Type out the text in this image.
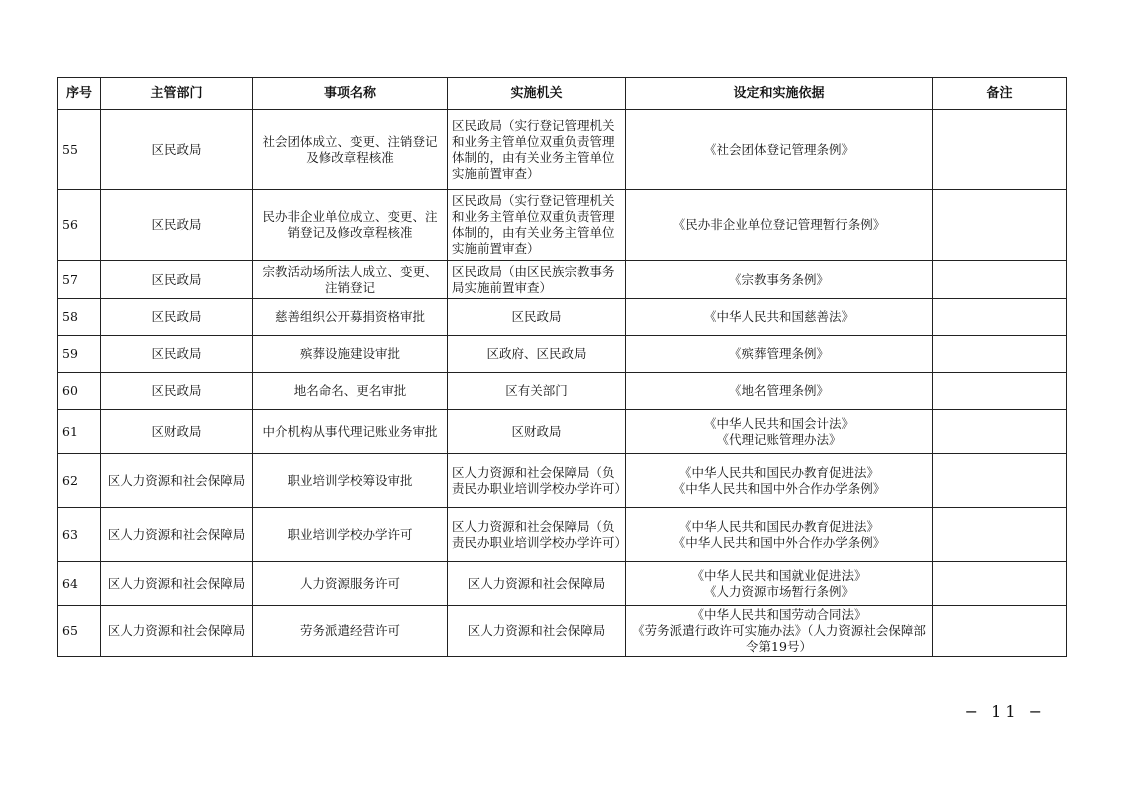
序号	主管部门	事项名称	实施机关	设定和实施依据	备注
55	区民政局	社会团体成立、变更、注销登记及修改章程核准	区民政局（实行登记管理机关和业务主管单位双重负责管理体制的，由有关业务主管单位实施前置审查）	《社会团体登记管理条例》	

56	区民政局	民办非企业单位成立、变更、注销登记及修改章程核准	区民政局（实行登记管理机关和业务主管单位双重负责管理体制的，由有关业务主管单位实施前置审查）	《民办非企业单位登记管理暂行条例》	

57	区民政局	宗教活动场所法人成立、变更、注销登记	区民政局（由区民族宗教事务局实施前置审查）	《宗教事务条例》	

58	区民政局	慈善组织公开募捐资格审批	区民政局	《中华人民共和国慈善法》	

59	区民政局	殡葬设施建设审批	区政府、区民政局	《殡葬管理条例》	

60	区民政局	地名命名、更名审批	区有关部门	《地名管理条例》	

61	区财政局	中介机构从事代理记账业务审批	区财政局	《中华人民共和国会计法》
《代理记账管理办法》	

62	区人力资源和社会保障局	职业培训学校筹设审批	区人力资源和社会保障局（负责民办职业培训学校办学许可）	《中华人民共和国民办教育促进法》
《中华人民共和国中外合作办学条例》	

63	区人力资源和社会保障局	职业培训学校办学许可	区人力资源和社会保障局（负责民办职业培训学校办学许可）	《中华人民共和国民办教育促进法》
《中华人民共和国中外合作办学条例》	

64	区人力资源和社会保障局	人力资源服务许可	区人力资源和社会保障局	《中华人民共和国就业促进法》
《人力资源市场暂行条例》	

65	区人力资源和社会保障局	劳务派遣经营许可	区人力资源和社会保障局	《中华人民共和国劳动合同法》
《劳务派遣行政许可实施办法》（人力资源社会保障部令第19号）	

− 11 −
